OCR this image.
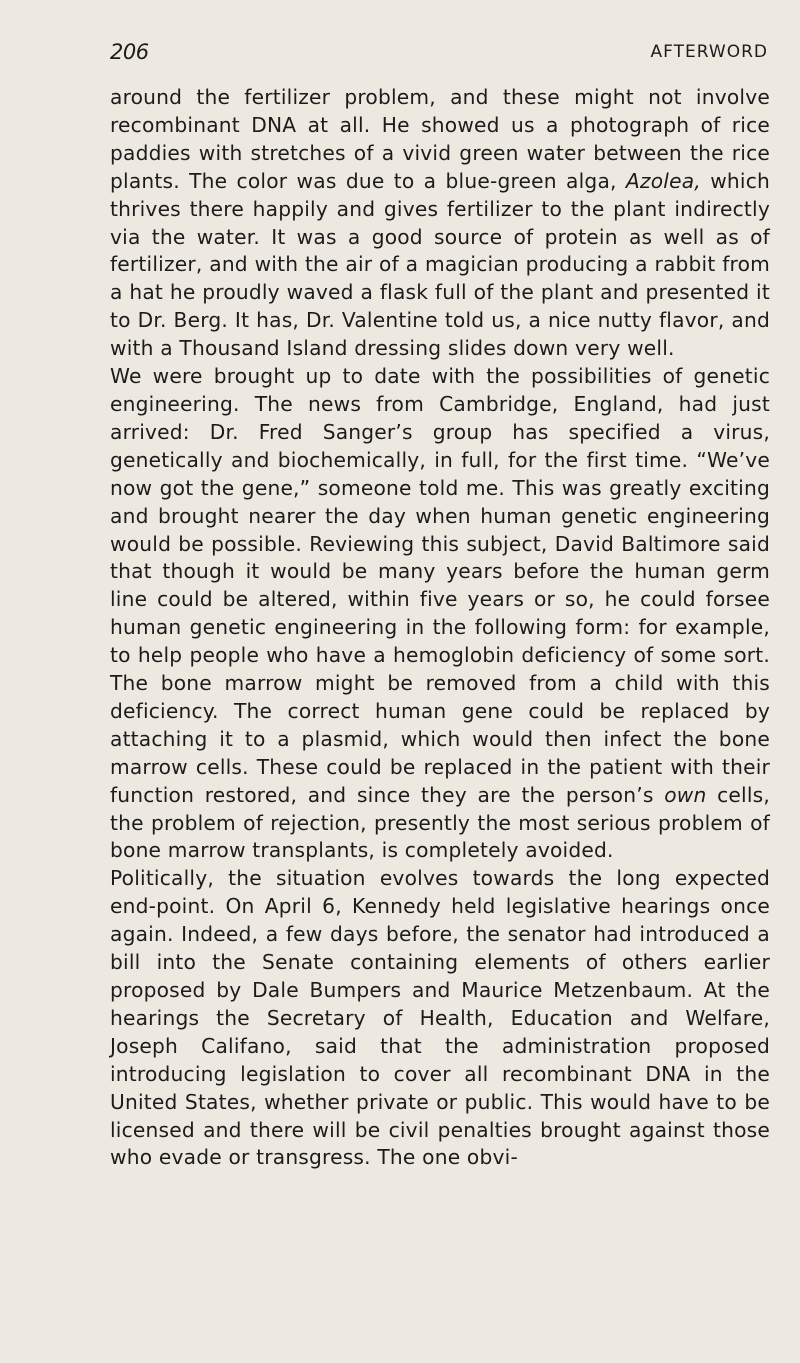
206	AFTERWORD

around the fertilizer problem, and these might not involve recombinant DNA at all. He showed us a photograph of rice paddies with stretches of a vivid green water between the rice plants. The color was due to a blue-green alga, Azolea, which thrives there happily and gives fertilizer to the plant indirectly via the water. It was a good source of protein as well as of fertilizer, and with the air of a magician producing a rabbit from a hat he proudly waved a flask full of the plant and presented it to Dr. Berg. It has, Dr. Valentine told us, a nice nutty flavor, and with a Thousand Island dressing slides down very well.

We were brought up to date with the possibilities of genetic engineering. The news from Cambridge, England, had just arrived: Dr. Fred Sanger’s group has specified a virus, genetically and biochemically, in full, for the first time. “We’ve now got the gene,” someone told me. This was greatly exciting and brought nearer the day when human genetic engineering would be possible. Reviewing this subject, David Baltimore said that though it would be many years before the human germ line could be altered, within five years or so, he could forsee human genetic engineering in the following form: for example, to help people who have a hemoglobin deficiency of some sort. The bone marrow might be removed from a child with this deficiency. The correct human gene could be replaced by attaching it to a plasmid, which would then infect the bone marrow cells. These could be replaced in the patient with their function restored, and since they are the person’s own cells, the problem of rejection, presently the most serious problem of bone marrow transplants, is completely avoided.

Politically, the situation evolves towards the long expected end-point. On April 6, Kennedy held legislative hearings once again. Indeed, a few days before, the senator had introduced a bill into the Senate containing elements of others earlier proposed by Dale Bumpers and Maurice Metzenbaum. At the hearings the Secretary of Health, Education and Welfare, Joseph Califano, said that the administration proposed introducing legislation to cover all recombinant DNA in the United States, whether private or public. This would have to be licensed and there will be civil penalties brought against those who evade or transgress. The one obvi-
